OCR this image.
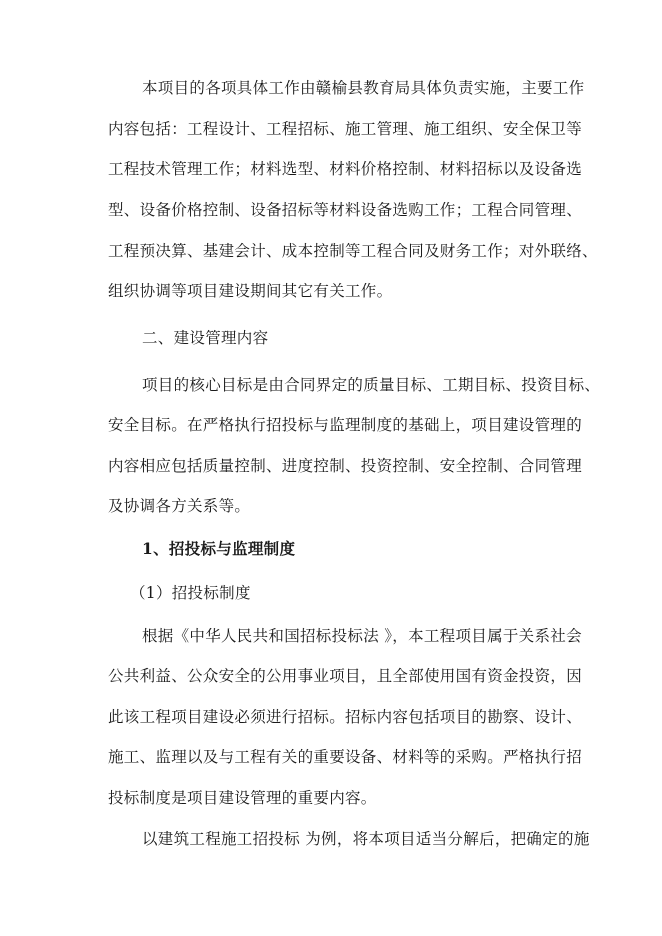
本项目的各项具体工作由赣榆县教育局具体负责实施，主要工作
内容包括：工程设计、工程招标、施工管理、施工组织、安全保卫等
工程技术管理工作；材料选型、材料价格控制、材料招标以及设备选
型、设备价格控制、设备招标等材料设备选购工作；工程合同管理、
工程预决算、基建会计、成本控制等工程合同及财务工作；对外联络、
组织协调等项目建设期间其它有关工作。
二、建设管理内容
项目的核心目标是由合同界定的质量目标、工期目标、投资目标、
安全目标。在严格执行招投标与监理制度的基础上，项目建设管理的
内容相应包括质量控制、进度控制、投资控制、安全控制、合同管理
及协调各方关系等。
1、招投标与监理制度
（1）招投标制度
根据《中华人民共和国招标投标法 》，本工程项目属于关系社会
公共利益、公众安全的公用事业项目，且全部使用国有资金投资，因
此该工程项目建设必须进行招标。招标内容包括项目的勘察、设计、
施工、监理以及与工程有关的重要设备、材料等的采购。严格执行招
投标制度是项目建设管理的重要内容。
以建筑工程施工招投标 为例，将本项目适当分解后，把确定的施
